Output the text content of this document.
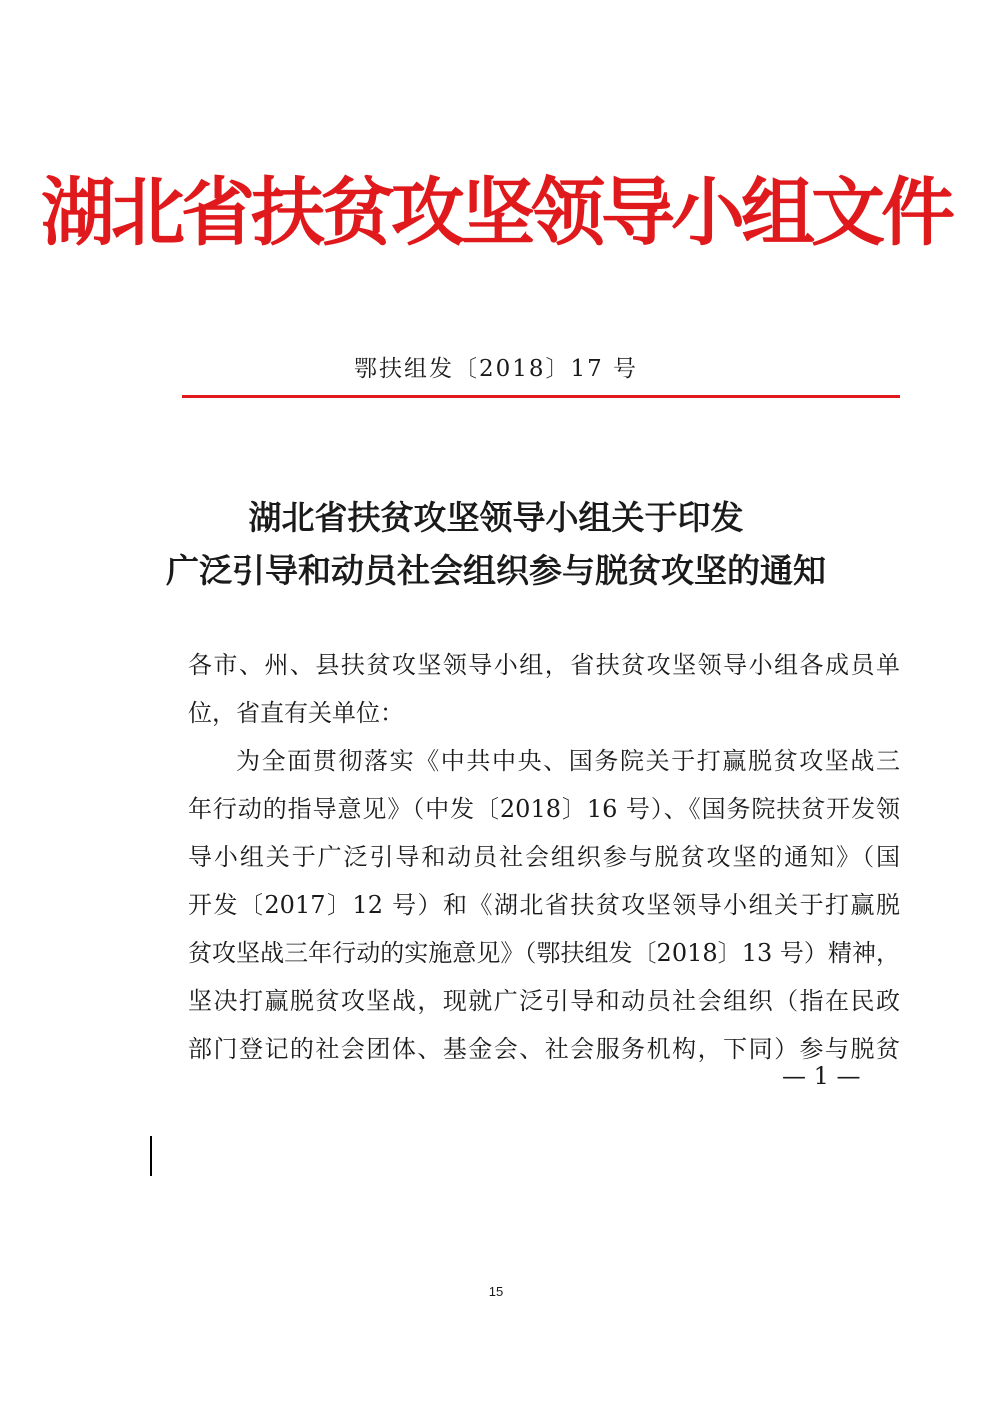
湖北省扶贫攻坚领导小组文件
鄂扶组发〔2018〕17 号
湖北省扶贫攻坚领导小组关于印发
广泛引导和动员社会组织参与脱贫攻坚的通知
各市、州、县扶贫攻坚领导小组，省扶贫攻坚领导小组各成员单
位，省直有关单位：
为全面贯彻落实《中共中央、国务院关于打赢脱贫攻坚战三
年行动的指导意见》（中发〔2018〕16 号）、《国务院扶贫开发领
导小组关于广泛引导和动员社会组织参与脱贫攻坚的通知》（国
开发〔2017〕12 号）和《湖北省扶贫攻坚领导小组关于打赢脱
贫攻坚战三年行动的实施意见》（鄂扶组发〔2018〕13 号）精神，
坚决打赢脱贫攻坚战，现就广泛引导和动员社会组织（指在民政
部门登记的社会团体、基金会、社会服务机构，下同）参与脱贫
— 1 —
15
